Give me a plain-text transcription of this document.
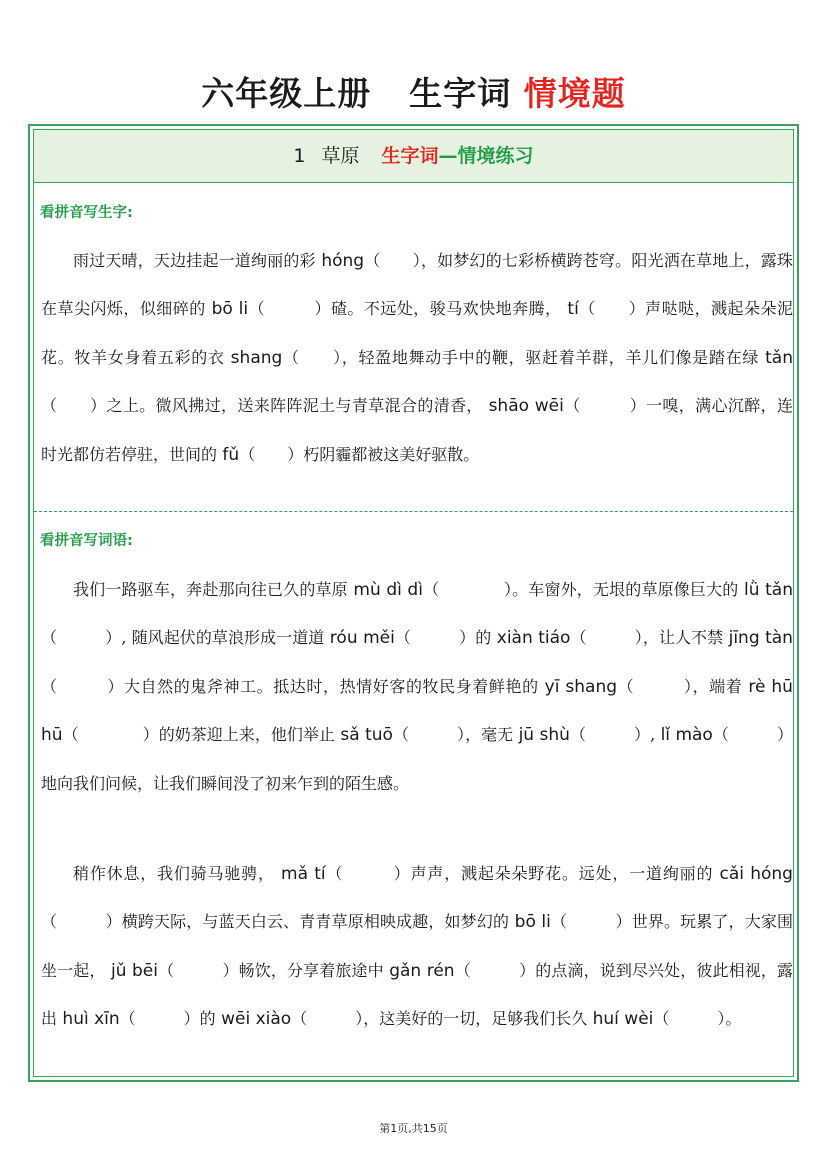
六年级上册 生字词 情境题
1 草原 生字词—情境练习
看拼音写生字:

雨过天晴，天边挂起一道绚丽的彩 hóng（　　），如梦幻的七彩桥横跨苍穹。阳光洒在草地上，露珠在草尖闪烁，似细碎的 bō li（　　　）碴。不远处，骏马欢快地奔腾， tí（　　）声哒哒，溅起朵朵泥花。牧羊女身着五彩的衣 shang（　　），轻盈地舞动手中的鞭，驱赶着羊群，羊儿们像是踏在绿 tǎn（　　）之上。微风拂过，送来阵阵泥土与青草混合的清香， shāo wēi（　　　）一嗅，满心沉醉，连时光都仿若停驻，世间的 fǔ（　　）朽阴霾都被这美好驱散。

看拼音写词语:

我们一路驱车，奔赴那向往已久的草原 mù dì dì（　　　　）。车窗外，无垠的草原像巨大的 lǜ tǎn（　　　）, 随风起伏的草浪形成一道道 róu měi（　　　）的 xiàn tiáo（　　　），让人不禁 jīng tàn（　　　）大自然的鬼斧神工。抵达时，热情好客的牧民身着鲜艳的 yī shang（　　　），端着 rè hū hū（　　　　）的奶茶迎上来，他们举止 sǎ tuō（　　　），毫无 jū shù（　　　）, lǐ mào（　　　）地向我们问候，让我们瞬间没了初来乍到的陌生感。

稍作休息，我们骑马驰骋， mǎ tí（　　　）声声，溅起朵朵野花。远处，一道绚丽的 cǎi hóng（　　　）横跨天际，与蓝天白云、青青草原相映成趣，如梦幻的 bō li（　　　）世界。玩累了，大家围坐一起， jǔ bēi（　　　）畅饮，分享着旅途中 gǎn rén（　　　）的点滴，说到尽兴处，彼此相视，露出 huì xīn（　　　）的 wēi xiào（　　　），这美好的一切，足够我们长久 huí wèi（　　　）。

第1页,共15页
